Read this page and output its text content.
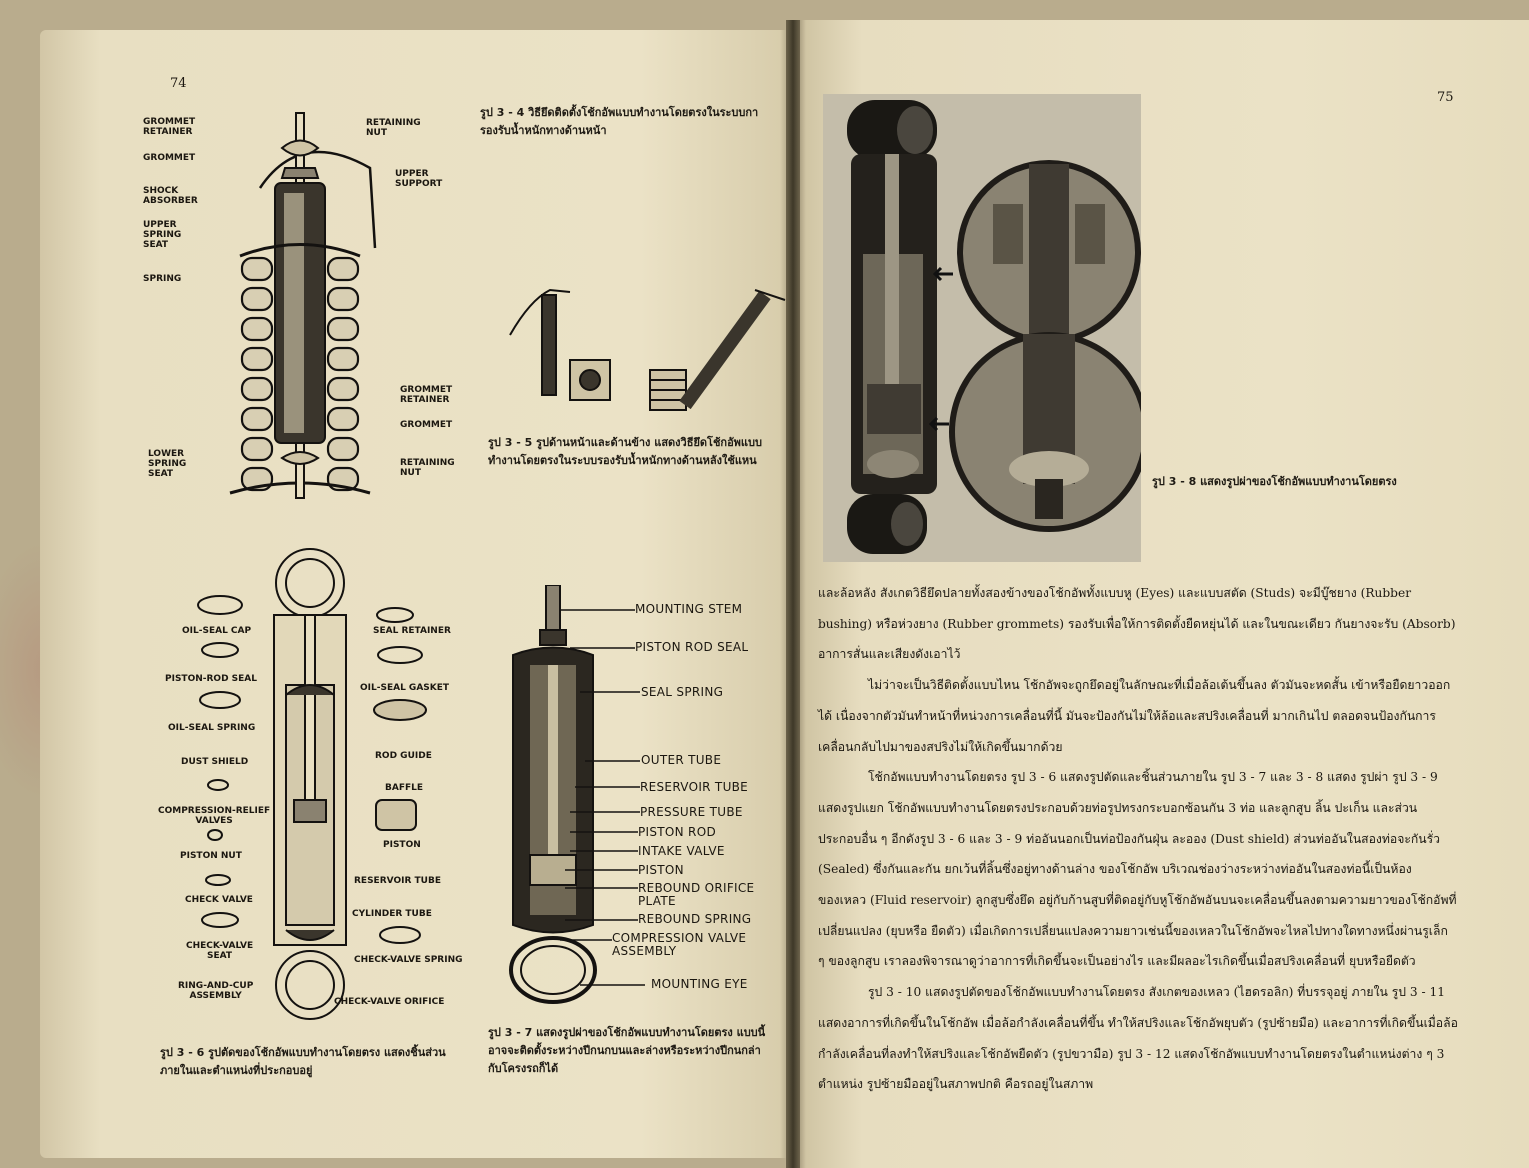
74
GROMMET
RETAINER
GROMMET
SHOCK
ABSORBER
UPPER
SPRING
SEAT
SPRING
LOWER
SPRING
SEAT
RETAINING
NUT
UPPER
SUPPORT
GROMMET
RETAINER
GROMMET
RETAINING
NUT
รูป 3 - 4 วิธียึดติดตั้งโช้กอัพแบบทำงานโดยตรงในระบบกา
รองรับน้ำหนักทางด้านหน้า
รูป 3 - 5 รูปด้านหน้าและด้านข้าง แสดงวิธียึดโช้กอัพแบบ
ทำงานโดยตรงในระบบรองรับน้ำหนักทางด้านหลังใช้แหน
OIL-SEAL CAP
PISTON-ROD SEAL
OIL-SEAL SPRING
DUST SHIELD
COMPRESSION-RELIEF
VALVES
PISTON NUT
CHECK VALVE
CHECK-VALVE
SEAT
RING-AND-CUP
ASSEMBLY
SEAL RETAINER
OIL-SEAL GASKET
ROD GUIDE
BAFFLE
PISTON
RESERVOIR TUBE
CYLINDER TUBE
CHECK-VALVE SPRING
CHECK-VALVE ORIFICE
รูป 3 - 6 รูปตัดของโช้กอัพแบบทำงานโดยตรง แสดงชิ้นส่วน
ภายในและตำแหน่งที่ประกอบอยู่
MOUNTING STEM
PISTON ROD SEAL
SEAL SPRING
OUTER TUBE
RESERVOIR TUBE
PRESSURE TUBE
PISTON ROD
INTAKE VALVE
PISTON
REBOUND ORIFICE
PLATE
REBOUND SPRING
COMPRESSION VALVE
ASSEMBLY
MOUNTING EYE
รูป 3 - 7 แสดงรูปผ่าของโช้กอัพแบบทำงานโดยตรง แบบนี้
อาจจะติดตั้งระหว่างปีกนกบนและล่างหรือระหว่างปีกนกล่า
กับโครงรถก็ได้
75
รูป 3 - 8 แสดงรูปผ่าของโช้กอัพแบบทำงานโดยตรง

และล้อหลัง สังเกตวิธียึดปลายทั้งสองข้างของโช้กอัพทั้งแบบหู (Eyes) และแบบสตัด (Studs) จะมีบู๊ชยาง (Rubber bushing) หรือห่วงยาง (Rubber grommets) รองรับเพื่อให้การติดตั้งยืดหยุ่นได้ และในขณะเดียว กันยางจะรับ (Absorb) อาการสั่นและเสียงดังเอาไว้

ไม่ว่าจะเป็นวิธีติดตั้งแบบไหน โช้กอัพจะถูกยึดอยู่ในลักษณะที่เมื่อล้อเต้นขึ้นลง ตัวมันจะหดสั้น เข้าหรือยืดยาวออกได้ เนื่องจากตัวมันทำหน้าที่หน่วงการเคลื่อนที่นี้ มันจะป้องกันไม่ให้ล้อและสปริงเคลื่อนที่ มากเกินไป ตลอดจนป้องกันการเคลื่อนกลับไปมาของสปริงไม่ให้เกิดขึ้นมากด้วย

โช้กอัพแบบทำงานโดยตรง รูป 3 - 6 แสดงรูปตัดและชิ้นส่วนภายใน รูป 3 - 7 และ 3 - 8 แสดง รูปผ่า รูป 3 - 9 แสดงรูปแยก โช้กอัพแบบทำงานโดยตรงประกอบด้วยท่อรูปทรงกระบอกซ้อนกัน 3 ท่อ และลูกสูบ ลิ้น ปะเก็น และส่วนประกอบอื่น ๆ อีกดังรูป 3 - 6 และ 3 - 9 ท่ออันนอกเป็นท่อป้องกันฝุ่น ละออง (Dust shield) ส่วนท่ออันในสองท่อจะกันรั่ว (Sealed) ซึ่งกันและกัน ยกเว้นที่ลิ้นซึ่งอยู่ทางด้านล่าง ของโช้กอัพ บริเวณช่องว่างระหว่างท่ออันในสองท่อนี้เป็นห้องของเหลว (Fluid reservoir) ลูกสูบซึ่งยึด อยู่กับก้านสูบที่ติดอยู่กับหูโช้กอัพอันบนจะเคลื่อนขึ้นลงตามความยาวของโช้กอัพที่เปลี่ยนแปลง (ยุบหรือ ยืดตัว) เมื่อเกิดการเปลี่ยนแปลงความยาวเช่นนี้ของเหลวในโช้กอัพจะไหลไปทางใดทางหนึ่งผ่านรูเล็ก ๆ ของลูกสูบ เราลองพิจารณาดูว่าอาการที่เกิดขึ้นจะเป็นอย่างไร และมีผลอะไรเกิดขึ้นเมื่อสปริงเคลื่อนที่ ยุบหรือยืดตัว

รูป 3 - 10 แสดงรูปตัดของโช้กอัพแบบทำงานโดยตรง สังเกตของเหลว (ไฮดรอลิก) ที่บรรจุอยู่ ภายใน รูป 3 - 11 แสดงอาการที่เกิดขึ้นในโช้กอัพ เมื่อล้อกำลังเคลื่อนที่ขึ้น ทำให้สปริงและโช้กอัพยุบตัว (รูปซ้ายมือ) และอาการที่เกิดขึ้นเมื่อล้อกำลังเคลื่อนที่ลงทำให้สปริงและโช้กอัพยืดตัว (รูปขวามือ) รูป 3 - 12 แสดงโช้กอัพแบบทำงานโดยตรงในตำแหน่งต่าง ๆ 3 ตำแหน่ง รูปซ้ายมืออยู่ในสภาพปกติ คือรถอยู่ในสภาพ
